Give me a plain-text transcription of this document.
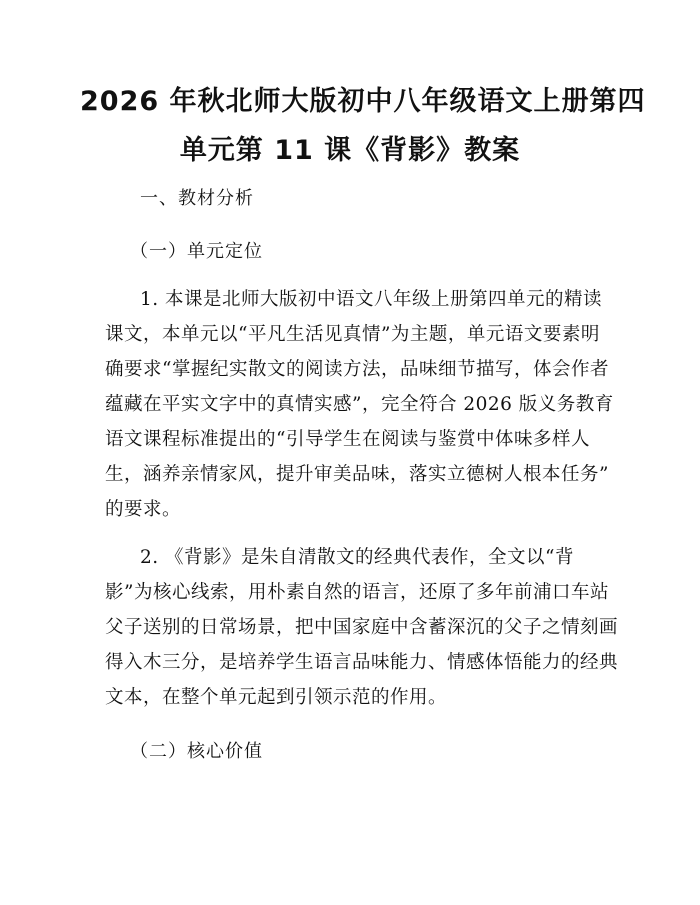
2026 年秋北师大版初中八年级语文上册第四
单元第 11 课《背影》教案

一、教材分析

（一）单元定位

1. 本课是北师大版初中语文八年级上册第四单元的精读
课文，本单元以“平凡生活见真情”为主题，单元语文要素明
确要求“掌握纪实散文的阅读方法，品味细节描写，体会作者
蕴藏在平实文字中的真情实感”，完全符合 2026 版义务教育
语文课程标准提出的“引导学生在阅读与鉴赏中体味多样人
生，涵养亲情家风，提升审美品味，落实立德树人根本任务”
的要求。
2. 《背影》是朱自清散文的经典代表作，全文以“背
影”为核心线索，用朴素自然的语言，还原了多年前浦口车站
父子送别的日常场景，把中国家庭中含蓄深沉的父子之情刻画
得入木三分，是培养学生语言品味能力、情感体悟能力的经典
文本，在整个单元起到引领示范的作用。

（二）核心价值
